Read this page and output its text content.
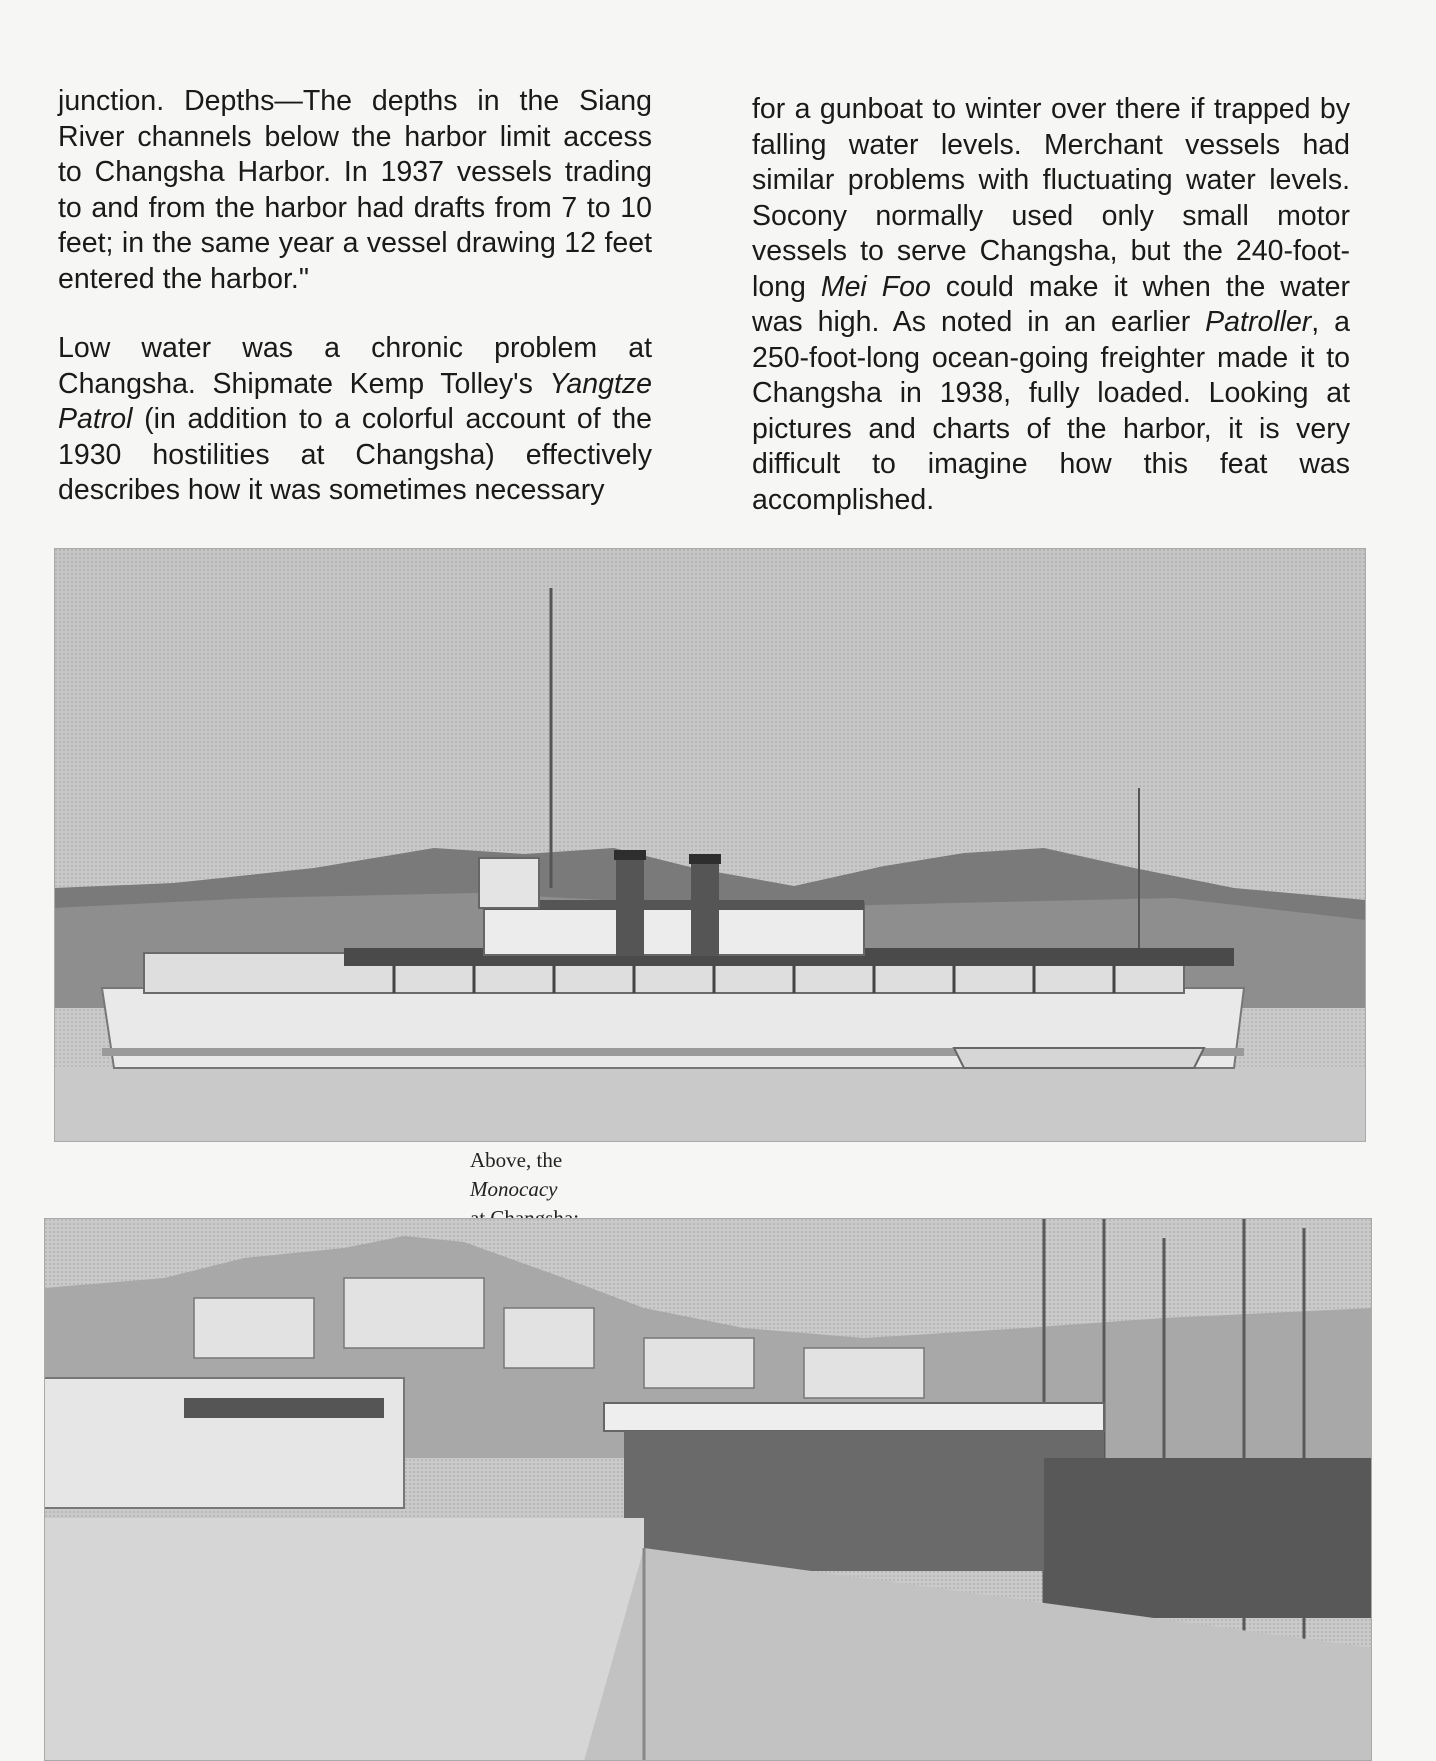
junction. Depths—The depths in the Siang River channels below the harbor limit access to Changsha Harbor. In 1937 vessels trading to and from the harbor had drafts from 7 to 10 feet; in the same year a vessel drawing 12 feet entered the harbor."

Low water was a chronic problem at Changsha. Shipmate Kemp Tolley's Yangtze Patrol (in addition to a colorful account of the 1930 hostilities at Changsha) effectively describes how it was sometimes necessary

for a gunboat to winter over there if trapped by falling water levels. Merchant vessels had similar problems with fluctuating water levels. Socony normally used only small motor vessels to serve Changsha, but the 240-foot-long Mei Foo could make it when the water was high. As noted in an earlier Patroller, a 250-foot-long ocean-going freighter made it to Changsha in 1938, fully loaded. Looking at pictures and charts of the harbor, it is very difficult to imagine how this feat was accomplished.

Above, the
Monocacy
